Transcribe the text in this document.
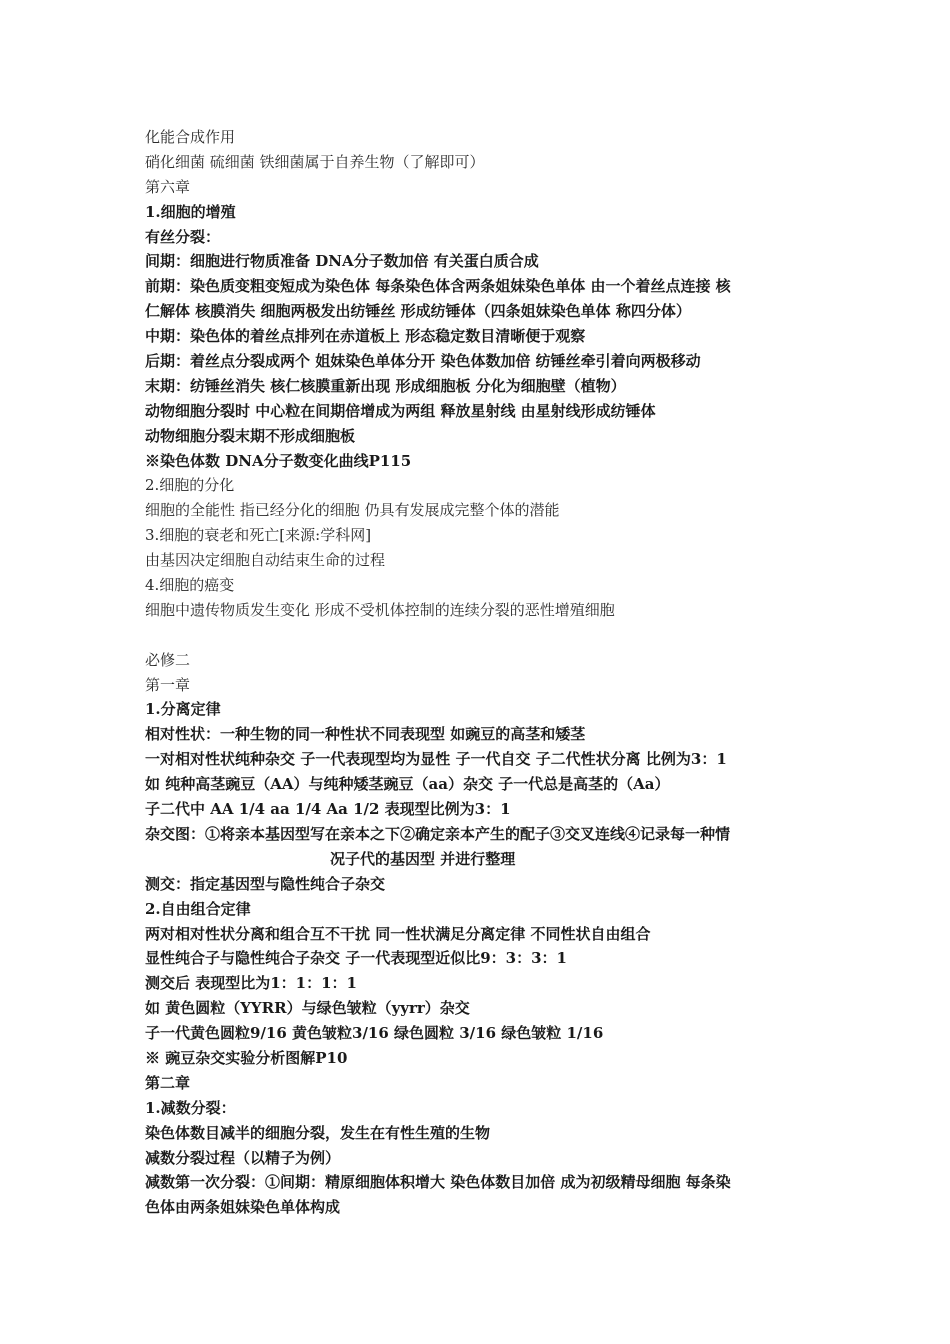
化能合成作用
硝化细菌 硫细菌 铁细菌属于自养生物（了解即可）
第六章
1.细胞的增殖
有丝分裂：
间期：细胞进行物质准备 DNA分子数加倍 有关蛋白质合成
前期：染色质变粗变短成为染色体 每条染色体含两条姐妹染色单体 由一个着丝点连接 核
仁解体 核膜消失 细胞两极发出纺锤丝 形成纺锤体（四条姐妹染色单体 称四分体）
中期：染色体的着丝点排列在赤道板上 形态稳定数目清晰便于观察
后期：着丝点分裂成两个 姐妹染色单体分开 染色体数加倍 纺锤丝牵引着向两极移动
末期：纺锤丝消失 核仁核膜重新出现 形成细胞板 分化为细胞壁（植物）
动物细胞分裂时 中心粒在间期倍增成为两组 释放星射线 由星射线形成纺锤体
动物细胞分裂末期不形成细胞板
※染色体数 DNA分子数变化曲线P115
2.细胞的分化
细胞的全能性 指已经分化的细胞 仍具有发展成完整个体的潜能
3.细胞的衰老和死亡[来源:学科网]
由基因决定细胞自动结束生命的过程
4.细胞的癌变
细胞中遗传物质发生变化 形成不受机体控制的连续分裂的恶性增殖细胞
必修二
第一章
1.分离定律
相对性状：一种生物的同一种性状不同表现型 如豌豆的高茎和矮茎
一对相对性状纯种杂交 子一代表现型均为显性 子一代自交 子二代性状分离 比例为3：1
如 纯种高茎豌豆（AA）与纯种矮茎豌豆（aa）杂交 子一代总是高茎的（Aa）
子二代中 AA 1/4 aa 1/4 Aa 1/2 表现型比例为3：1
杂交图：①将亲本基因型写在亲本之下②确定亲本产生的配子③交叉连线④记录每一种情
况子代的基因型 并进行整理
测交：指定基因型与隐性纯合子杂交
2.自由组合定律
两对相对性状分离和组合互不干扰 同一性状满足分离定律 不同性状自由组合
显性纯合子与隐性纯合子杂交 子一代表现型近似比9：3：3：1
测交后 表现型比为1：1：1：1
如 黄色圆粒（YYRR）与绿色皱粒（yyrr）杂交
子一代黄色圆粒9/16 黄色皱粒3/16 绿色圆粒 3/16 绿色皱粒 1/16
※ 豌豆杂交实验分析图解P10
第二章
1.减数分裂：
染色体数目减半的细胞分裂，发生在有性生殖的生物
减数分裂过程（以精子为例）
减数第一次分裂：①间期：精原细胞体积增大 染色体数目加倍 成为初级精母细胞 每条染
色体由两条姐妹染色单体构成
